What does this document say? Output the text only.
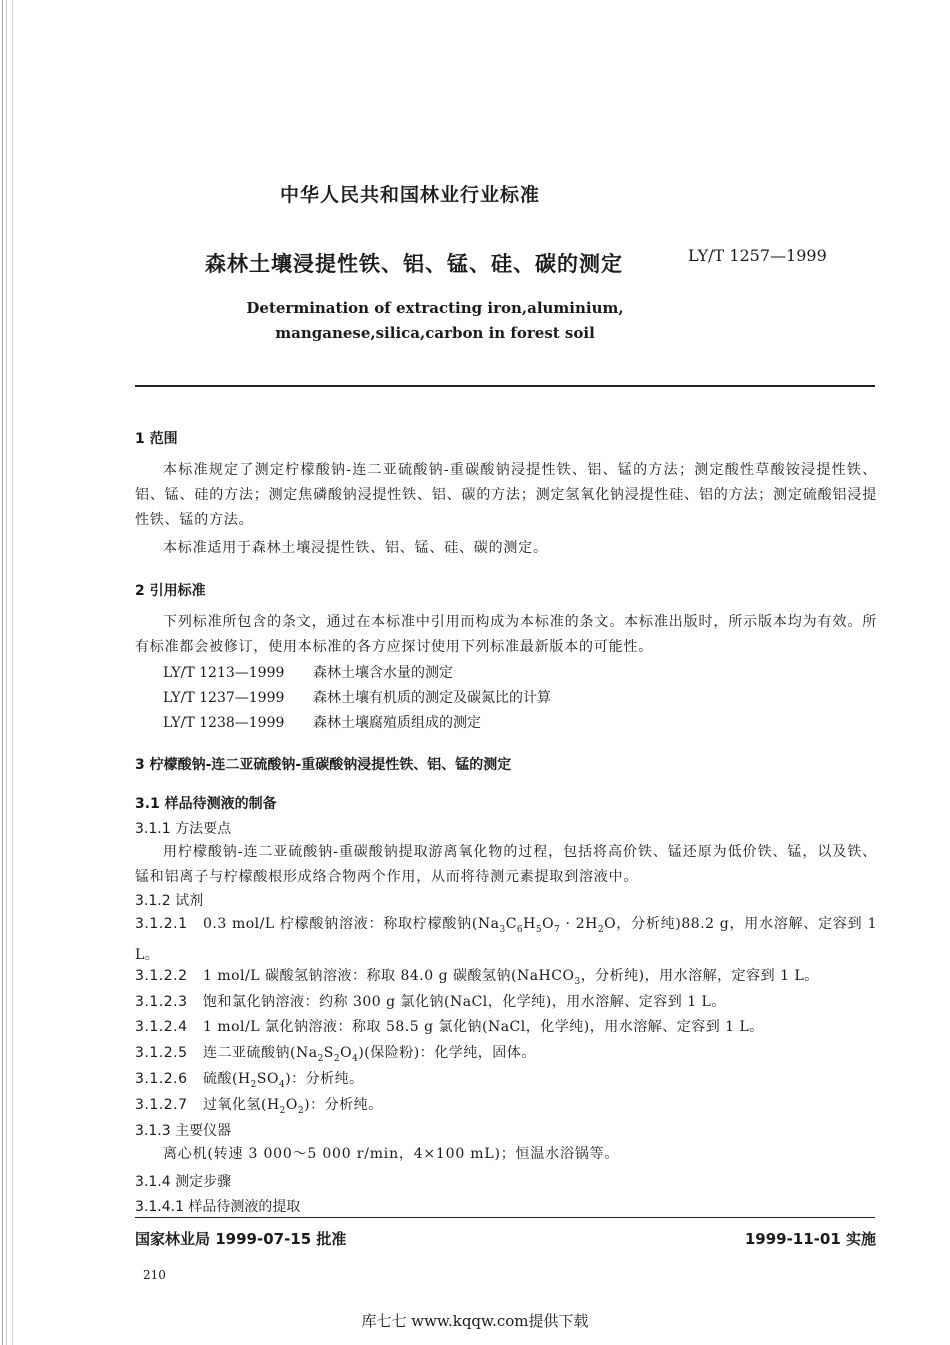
中华人民共和国林业行业标准
森林土壤浸提性铁、铝、锰、硅、碳的测定	LY/T 1257—1999
Determination of extracting iron,aluminium,
manganese,silica,carbon in forest soil
1 范围
本标准规定了测定柠檬酸钠-连二亚硫酸钠-重碳酸钠浸提性铁、铝、锰的方法；测定酸性草酸铵浸提性铁、铝、锰、硅的方法；测定焦磷酸钠浸提性铁、铝、碳的方法；测定氢氧化钠浸提性硅、铝的方法；测定硫酸铝浸提性铁、锰的方法。
本标准适用于森林土壤浸提性铁、铝、锰、硅、碳的测定。
2 引用标准
下列标准所包含的条文，通过在本标准中引用而构成为本标准的条文。本标准出版时，所示版本均为有效。所有标准都会被修订，使用本标准的各方应探讨使用下列标准最新版本的可能性。
LY/T 1213—1999 森林土壤含水量的测定
LY/T 1237—1999 森林土壤有机质的测定及碳氮比的计算
LY/T 1238—1999 森林土壤腐殖质组成的测定
3 柠檬酸钠-连二亚硫酸钠-重碳酸钠浸提性铁、铝、锰的测定
3.1 样品待测液的制备
3.1.1 方法要点
用柠檬酸钠-连二亚硫酸钠-重碳酸钠提取游离氧化物的过程，包括将高价铁、锰还原为低价铁、锰，以及铁、锰和铝离子与柠檬酸根形成络合物两个作用，从而将待测元素提取到溶液中。
3.1.2 试剂
3.1.2.1 0.3 mol/L 柠檬酸钠溶液：称取柠檬酸钠($Na_3C_6H_5O_7 \cdot 2H_2O$，分析纯)88.2 g，用水溶解、定容到 1 L。
3.1.2.2 1 mol/L 碳酸氢钠溶液：称取 84.0 g 碳酸氢钠(NaHCO$_3$，分析纯)，用水溶解，定容到 1 L。
3.1.2.3 饱和氯化钠溶液：约称 300 g 氯化钠(NaCl，化学纯)，用水溶解、定容到 1 L。
3.1.2.4 1 mol/L 氯化钠溶液：称取 58.5 g 氯化钠(NaCl，化学纯)，用水溶解、定容到 1 L。
3.1.2.5 连二亚硫酸钠$(Na_2S_2O_4)$(保险粉)：化学纯，固体。
3.1.2.6 硫酸$(H_2SO_4)$：分析纯。
3.1.2.7 过氧化氢$(H_2O_2)$：分析纯。
3.1.3 主要仪器
离心机(转速 3 000～5 000 r/min，4×100 mL)；恒温水浴锅等。
3.1.4 测定步骤
3.1.4.1 样品待测液的提取
国家林业局 1999-07-15 批准	1999-11-01 实施
210
库七七 www.kqqw.com提供下载
